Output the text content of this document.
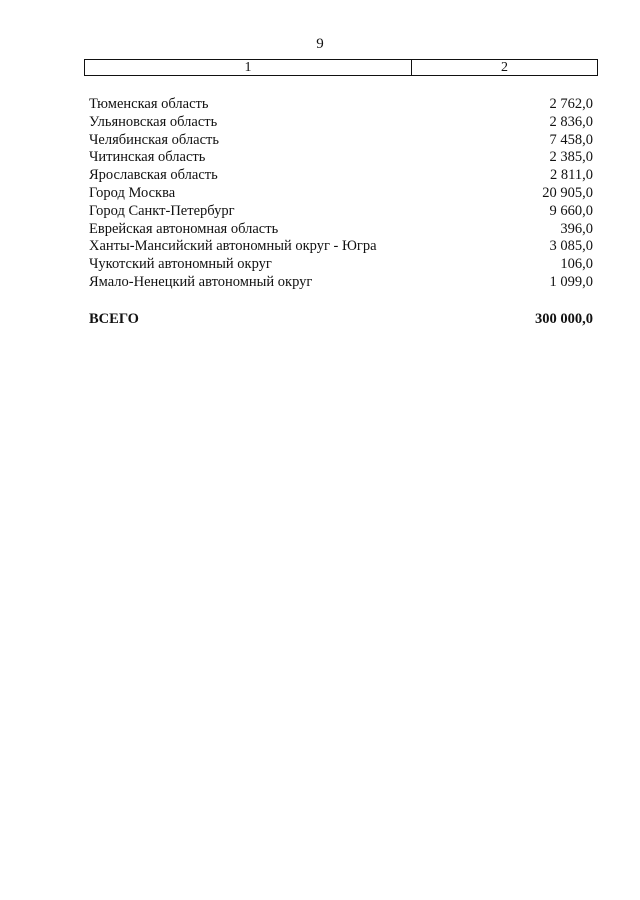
9
1	2
Тюменская область	2 762,0
Ульяновская область	2 836,0
Челябинская область	7 458,0
Читинская область	2 385,0
Ярославская область	2 811,0
Город Москва	20 905,0
Город Санкт-Петербург	9 660,0
Еврейская автономная область	396,0
Ханты-Мансийский автономный округ - Югра	3 085,0
Чукотский автономный округ	106,0
Ямало-Ненецкий автономный округ	1 099,0
ВСЕГО	300 000,0
